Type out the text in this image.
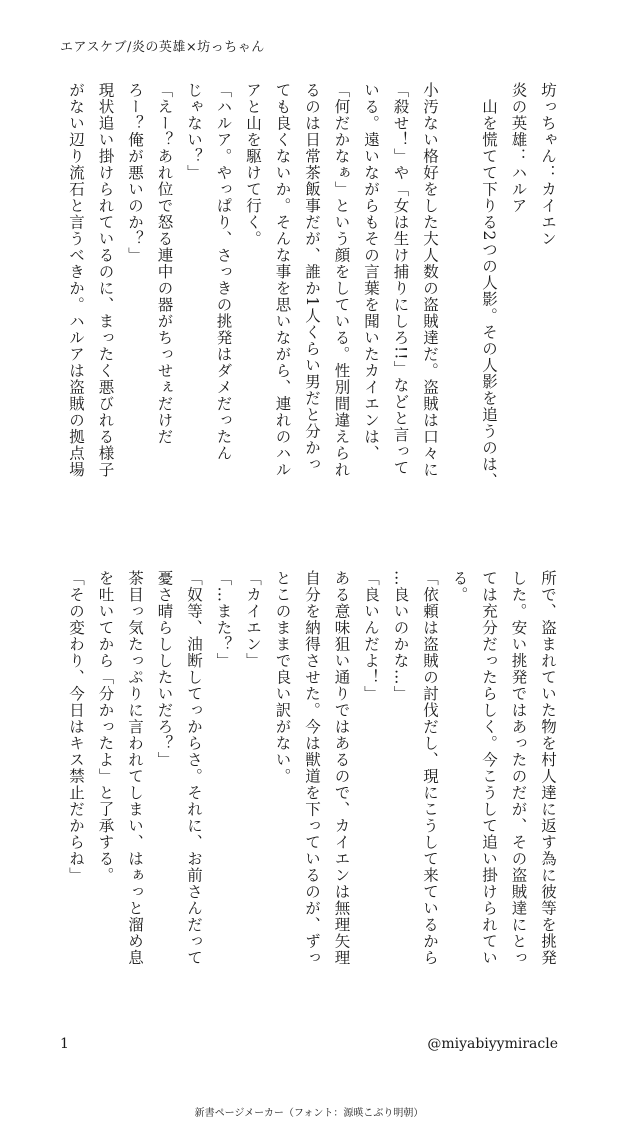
エアスケブ/炎の英雄×坊っちゃん
坊っちゃん：カイエン
炎の英雄：ハルア
　山を慌てて下りる2つの人影。その人影を追うのは、
小汚ない格好をした大人数の盗賊達だ。盗賊は口々に
「殺せ！」や「女は生け捕りにしろ!!」などと言って
いる。遠いながらもその言葉を聞いたカイエンは、
「何だかなぁ」という顔をしている。性別間違えられ
るのは日常茶飯事だが、誰か1人くらい男だと分かっ
ても良くないか。そんな事を思いながら、連れのハル
アと山を駆けて行く。
「ハルア。やっぱり、さっきの挑発はダメだったん
じゃない？」
「えー？あれ位で怒る連中の器がちっせぇだけだ
ろー？俺が悪いのか？」
現状追い掛けられているのに、まったく悪びれる様子
がない辺り流石と言うべきか。ハルアは盗賊の拠点場
所で、盗まれていた物を村人達に返す為に彼等を挑発
した。安い挑発ではあったのだが、その盗賊達にとっ
ては充分だったらしく。今こうして追い掛けられてい
る。
「依頼は盗賊の討伐だし、現にこうして来ているから
…良いのかな…」
「良いんだよ！」
ある意味狙い通りではあるので、カイエンは無理矢理
自分を納得させた。今は獣道を下っているのが、ずっ
とこのままで良い訳がない。
「カイエン」
「…また？」
「奴等、油断してっからさ。それに、お前さんだって
憂さ晴らししたいだろ？」
茶目っ気たっぷりに言われてしまい、はぁっと溜め息
を吐いてから「分かったよ」と了承する。
「その変わり、今日はキス禁止だからね」
1	@miyabiyymiracle
新書ページメーカー（フォント：源暎こぶり明朝）
